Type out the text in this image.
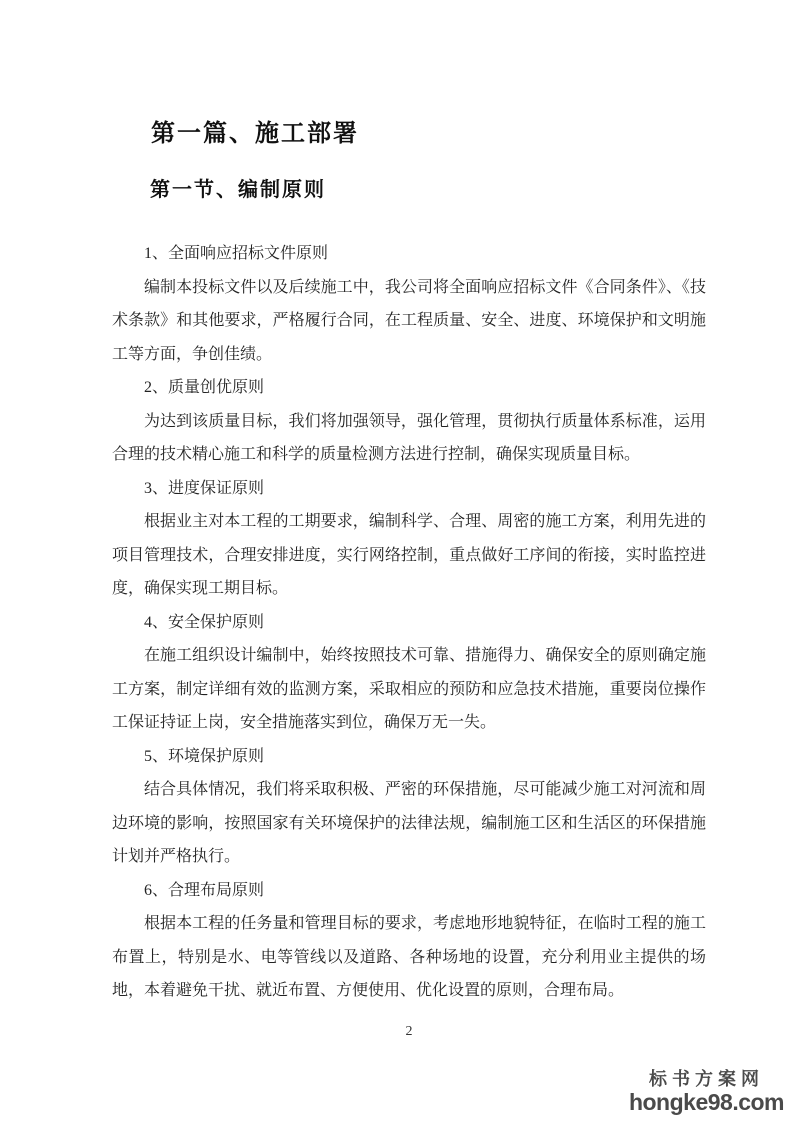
第一篇、施工部署
第一节、编制原则

1、全面响应招标文件原则

编制本投标文件以及后续施工中，我公司将全面响应招标文件《合同条件》、《技术条款》和其他要求，严格履行合同，在工程质量、安全、进度、环境保护和文明施工等方面，争创佳绩。

2、质量创优原则

为达到该质量目标，我们将加强领导，强化管理，贯彻执行质量体系标准，运用合理的技术精心施工和科学的质量检测方法进行控制，确保实现质量目标。

3、进度保证原则

根据业主对本工程的工期要求，编制科学、合理、周密的施工方案，利用先进的项目管理技术，合理安排进度，实行网络控制，重点做好工序间的衔接，实时监控进度，确保实现工期目标。

4、安全保护原则

在施工组织设计编制中，始终按照技术可靠、措施得力、确保安全的原则确定施工方案，制定详细有效的监测方案，采取相应的预防和应急技术措施，重要岗位操作工保证持证上岗，安全措施落实到位，确保万无一失。

5、环境保护原则

结合具体情况，我们将采取积极、严密的环保措施，尽可能减少施工对河流和周边环境的影响，按照国家有关环境保护的法律法规，编制施工区和生活区的环保措施计划并严格执行。

6、合理布局原则

根据本工程的任务量和管理目标的要求，考虑地形地貌特征，在临时工程的施工布置上，特别是水、电等管线以及道路、各种场地的设置，充分利用业主提供的场地，本着避免干扰、就近布置、方便使用、优化设置的原则，合理布局。

2
标书方案网
hongke98.com
